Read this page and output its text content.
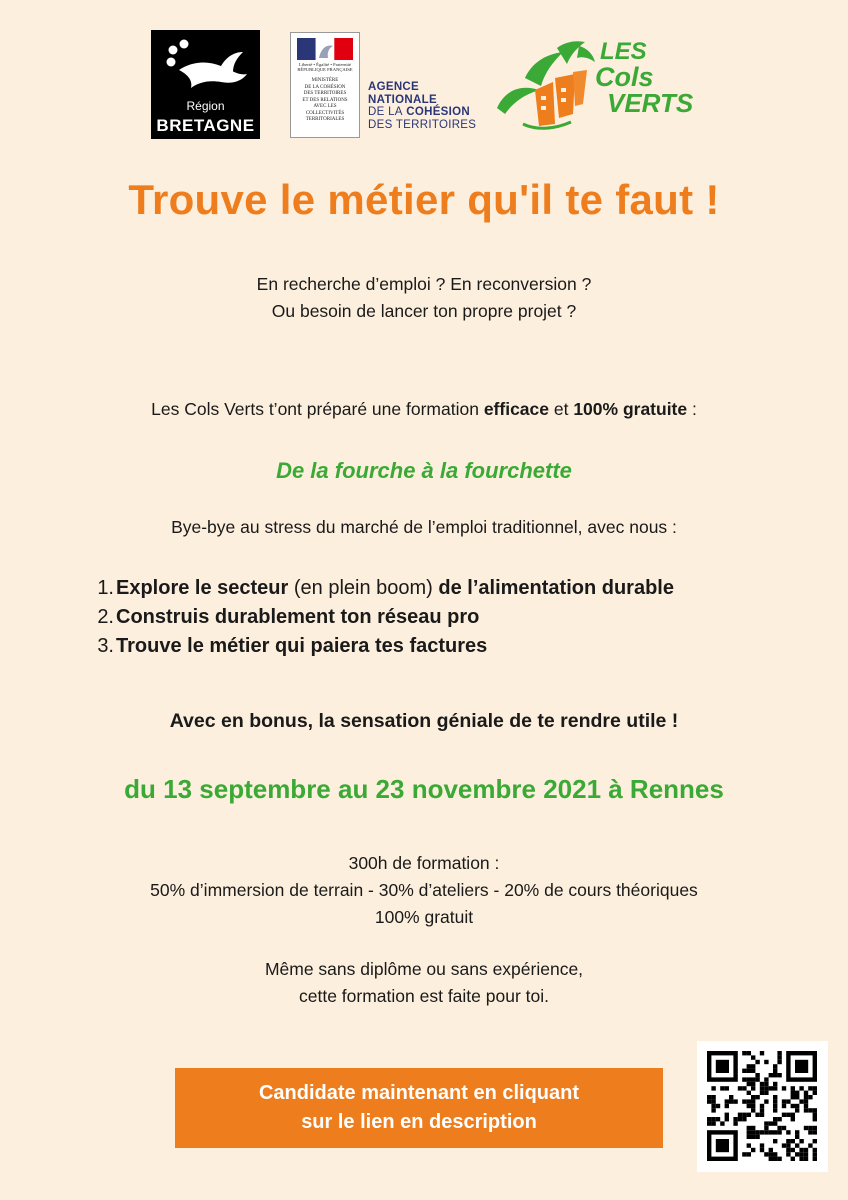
Région
BRETAGNE
Liberté • Égalité • Fraternité
RÉPUBLIQUE FRANÇAISE
MINISTÈRE
DE LA COHÉSION
DES TERRITOIRES
ET DES RELATIONS
AVEC LES
COLLECTIVITÉS
TERRITORIALES
AGENCE
NATIONALE
DE LA COHÉSION
DES TERRITOIRES
LES
Cols
VERTS
Trouve le métier qu'il te faut !
En recherche d’emploi ? En reconversion ?
Ou besoin de lancer ton propre projet ?
Les Cols Verts t’ont préparé une formation efficace et 100% gratuite :
De la fourche à la fourchette
Bye-bye au stress du marché de l’emploi traditionnel, avec nous :
1. Explore le secteur (en plein boom) de l’alimentation durable
2. Construis durablement ton réseau pro
3. Trouve le métier qui paiera tes factures
Avec en bonus, la sensation géniale de te rendre utile !
du 13 septembre au 23 novembre 2021 à Rennes
300h de formation :
50% d’immersion de terrain - 30% d’ateliers - 20% de cours théoriques
100% gratuit
Même sans diplôme ou sans expérience,
cette formation est faite pour toi.
Candidate maintenant en cliquant
sur le lien en description
